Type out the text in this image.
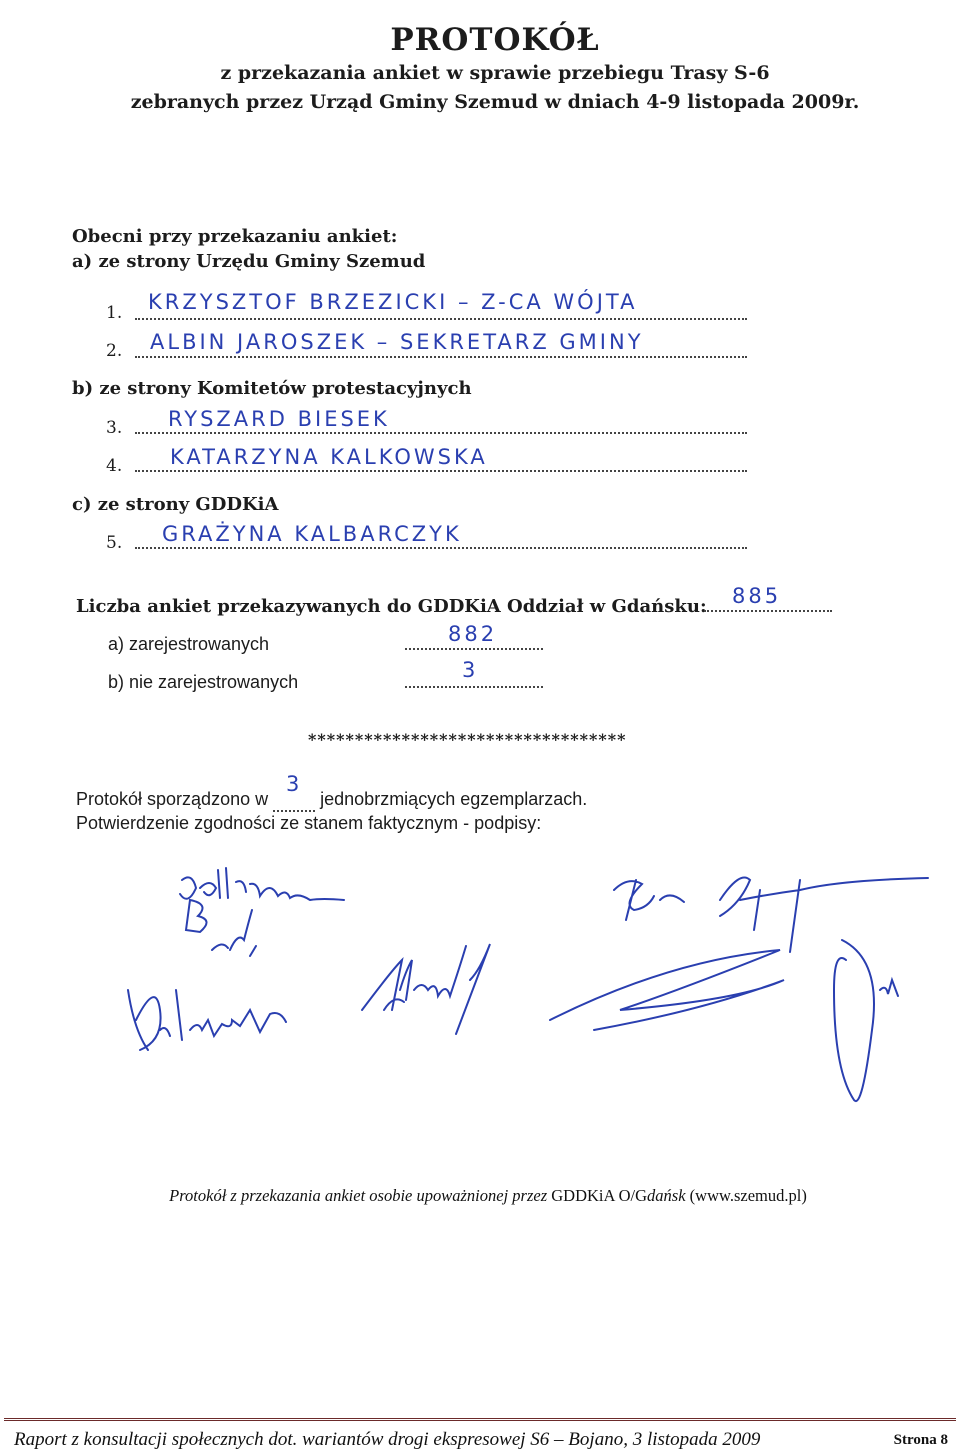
PROTOKÓŁ
z przekazania ankiet w sprawie przebiegu Trasy S-6
zebranych przez Urząd Gminy Szemud w dniach 4-9 listopada 2009r.
Obecni przy przekazaniu ankiet:
a) ze strony Urzędu Gminy Szemud
1. KRZYSZTOF BRZEZICKI – Z-CA WÓJTA
2. ALBIN JAROSZEK – SEKRETARZ GMINY
b) ze strony Komitetów protestacyjnych
3. RYSZARD BIESEK
4. KATARZYNA KALKOWSKA
c) ze strony GDDKiA
5. GRAŻYNA KALBARCZYK
Liczba ankiet przekazywanych do GDDKiA Oddział w Gdańsku: 885
a) zarejestrowanych	882
b) nie zarejestrowanych	3
**********************************
Protokół sporządzono w 3 jednobrzmiących egzemplarzach.
Potwierdzenie zgodności ze stanem faktycznym - podpisy:
Protokół z przekazania ankiet osobie upoważnionej przez GDDKiA O/Gdańsk (www.szemud.pl)
Raport z konsultacji społecznych dot. wariantów drogi ekspresowej S6 – Bojano, 3 listopada 2009	Strona 8
